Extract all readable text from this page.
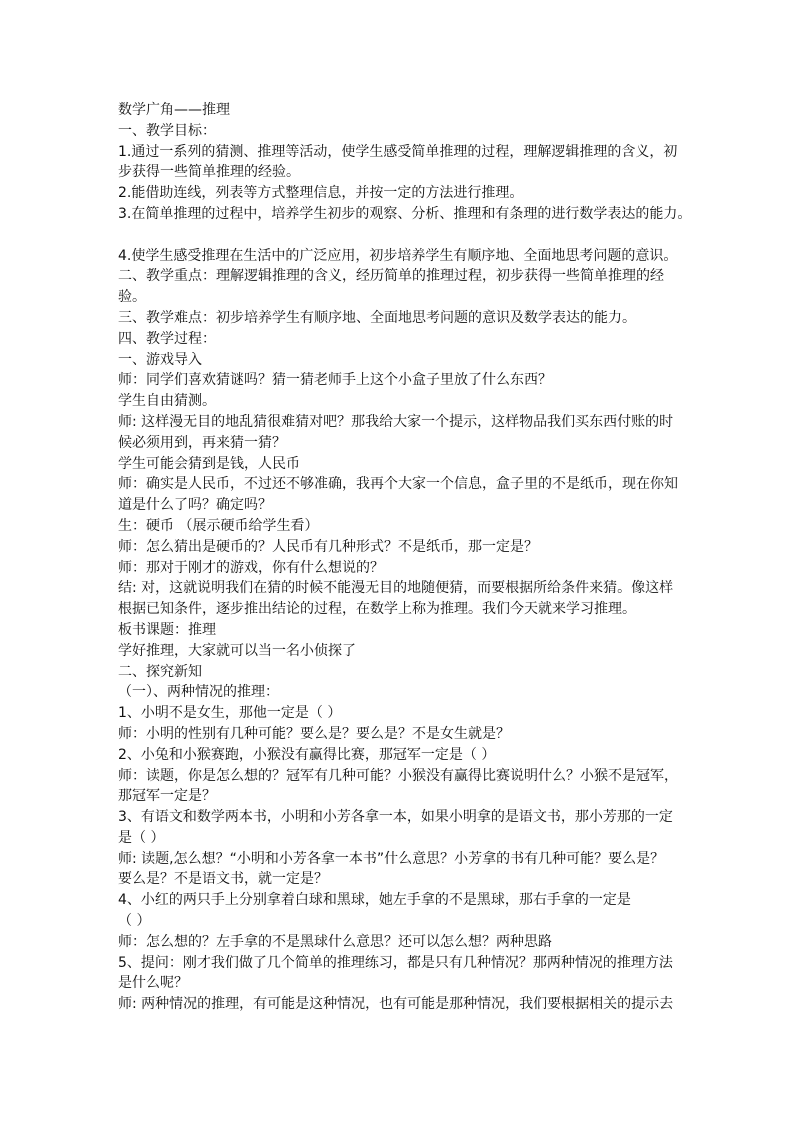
数学广角——推理

一、教学目标：

1.通过一系列的猜测、推理等活动，使学生感受简单推理的过程，理解逻辑推理的含义，初

步获得一些简单推理的经验。

2.能借助连线，列表等方式整理信息，并按一定的方法进行推理。

3.在简单推理的过程中，培养学生初步的观察、分析、推理和有条理的进行数学表达的能力。

4.使学生感受推理在生活中的广泛应用，初步培养学生有顺序地、全面地思考问题的意识。

二、教学重点：理解逻辑推理的含义，经历简单的推理过程，初步获得一些简单推理的经

验。

三、教学难点：初步培养学生有顺序地、全面地思考问题的意识及数学表达的能力。

四、教学过程：

一、游戏导入

师：同学们喜欢猜谜吗？猜一猜老师手上这个小盒子里放了什么东西？

学生自由猜测。

师: 这样漫无目的地乱猜很难猜对吧？那我给大家一个提示，这样物品我们买东西付账的时

候必须用到，再来猜一猜？

学生可能会猜到是钱，人民币

师：确实是人民币，不过还不够准确，我再个大家一个信息，盒子里的不是纸币，现在你知

道是什么了吗？确定吗？

生：硬币 （展示硬币给学生看）

师：怎么猜出是硬币的？人民币有几种形式？不是纸币，那一定是？

师：那对于刚才的游戏，你有什么想说的？

结: 对，这就说明我们在猜的时候不能漫无目的地随便猜，而要根据所给条件来猜。像这样

根据已知条件，逐步推出结论的过程，在数学上称为推理。我们今天就来学习推理。

板书课题：推理

学好推理，大家就可以当一名小侦探了

二、探究新知

（一）、两种情况的推理：

1、小明不是女生，那他一定是（ ）

师：小明的性别有几种可能？要么是？要么是？不是女生就是？

2、小兔和小猴赛跑，小猴没有赢得比赛，那冠军一定是（ ）

师：读题，你是怎么想的？冠军有几种可能？小猴没有赢得比赛说明什么？小猴不是冠军，

那冠军一定是？

3、有语文和数学两本书，小明和小芳各拿一本，如果小明拿的是语文书，那小芳那的一定

是（ ）

师: 读题,怎么想？“小明和小芳各拿一本书”什么意思？小芳拿的书有几种可能？要么是？

要么是？不是语文书，就一定是？

4、小红的两只手上分别拿着白球和黑球，她左手拿的不是黑球，那右手拿的一定是

（ ）

师：怎么想的？左手拿的不是黑球什么意思？还可以怎么想？两种思路

5、提问：刚才我们做了几个简单的推理练习，都是只有几种情况？那两种情况的推理方法

是什么呢？

师: 两种情况的推理，有可能是这种情况，也有可能是那种情况，我们要根据相关的提示去
